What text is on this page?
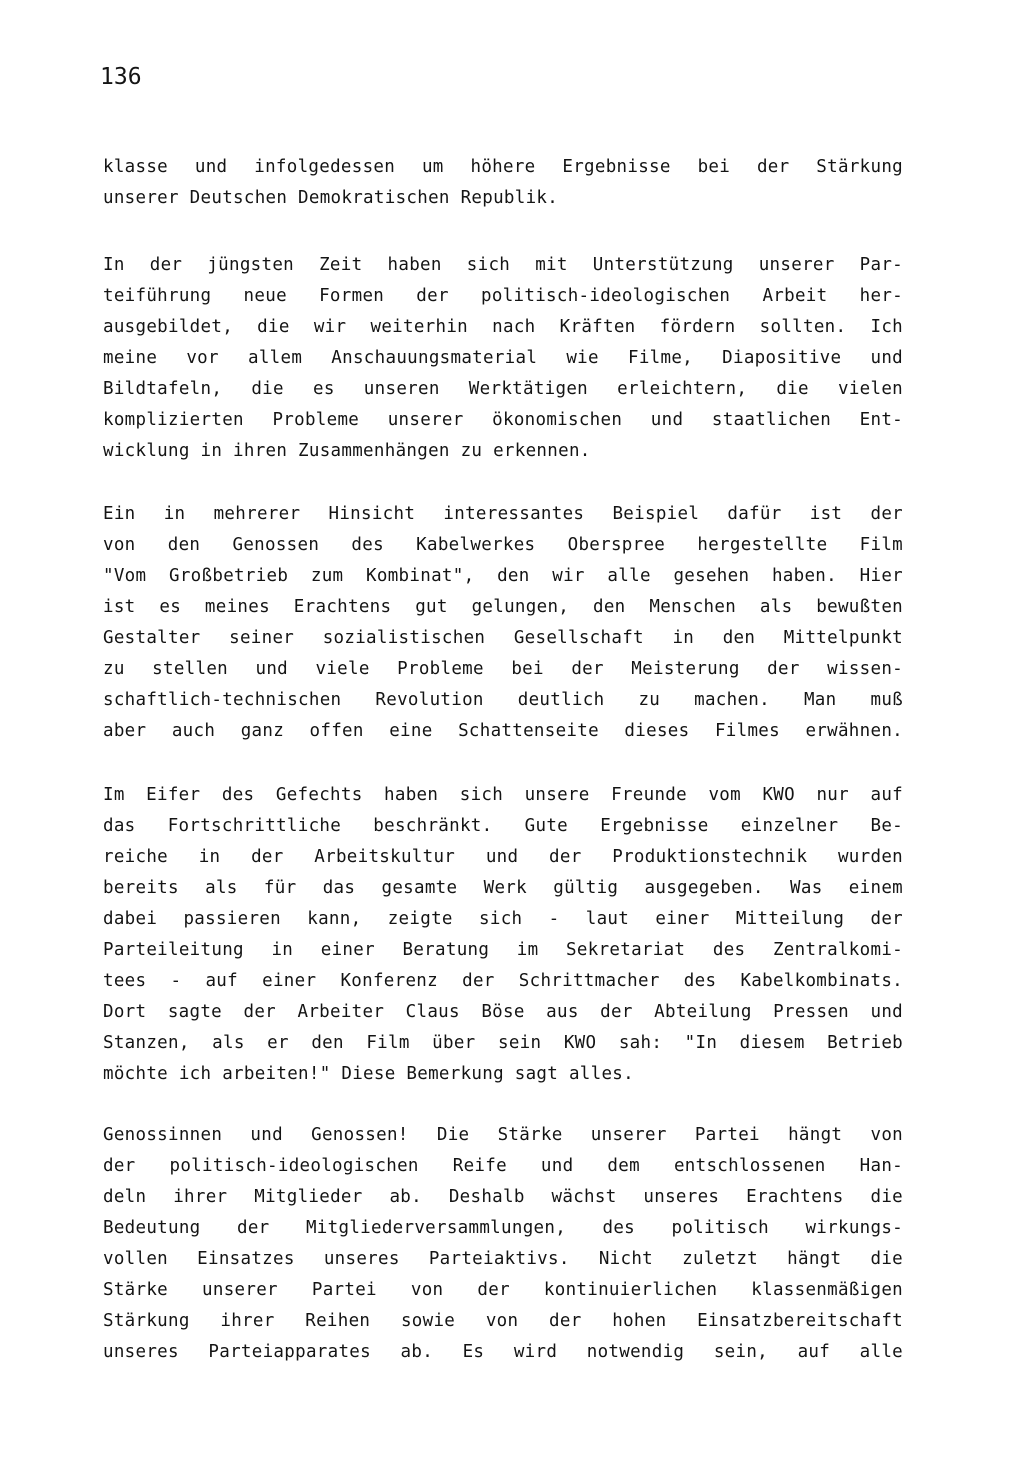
136
klasse und infolgedessen um höhere Ergebnisse bei der Stärkung
unserer Deutschen Demokratischen Republik.
In der jüngsten Zeit haben sich mit Unterstützung unserer Par-
teiführung neue Formen der politisch-ideologischen Arbeit her-
ausgebildet, die wir weiterhin nach Kräften fördern sollten. Ich
meine vor allem Anschauungsmaterial wie Filme, Diapositive und
Bildtafeln, die es unseren Werktätigen erleichtern, die vielen
komplizierten Probleme unserer ökonomischen und staatlichen Ent-
wicklung in ihren Zusammenhängen zu erkennen.
Ein in mehrerer Hinsicht interessantes Beispiel dafür ist der
von den Genossen des Kabelwerkes Oberspree hergestellte Film
"Vom Großbetrieb zum Kombinat", den wir alle gesehen haben. Hier
ist es meines Erachtens gut gelungen, den Menschen als bewußten
Gestalter seiner sozialistischen Gesellschaft in den Mittelpunkt
zu stellen und viele Probleme bei der Meisterung der wissen-
schaftlich-technischen Revolution deutlich zu machen. Man muß
aber auch ganz offen eine Schattenseite dieses Filmes erwähnen.
Im Eifer des Gefechts haben sich unsere Freunde vom KWO nur auf
das Fortschrittliche beschränkt. Gute Ergebnisse einzelner Be-
reiche in der Arbeitskultur und der Produktionstechnik wurden
bereits als für das gesamte Werk gültig ausgegeben. Was einem
dabei passieren kann, zeigte sich - laut einer Mitteilung der
Parteileitung in einer Beratung im Sekretariat des Zentralkomi-
tees - auf einer Konferenz der Schrittmacher des Kabelkombinats.
Dort sagte der Arbeiter Claus Böse aus der Abteilung Pressen und
Stanzen, als er den Film über sein KWO sah: "In diesem Betrieb
möchte ich arbeiten!" Diese Bemerkung sagt alles.
Genossinnen und Genossen! Die Stärke unserer Partei hängt von
der politisch-ideologischen Reife und dem entschlossenen Han-
deln ihrer Mitglieder ab. Deshalb wächst unseres Erachtens die
Bedeutung der Mitgliederversammlungen, des politisch wirkungs-
vollen Einsatzes unseres Parteiaktivs. Nicht zuletzt hängt die
Stärke unserer Partei von der kontinuierlichen klassenmäßigen
Stärkung ihrer Reihen sowie von der hohen Einsatzbereitschaft
unseres Parteiapparates ab. Es wird notwendig sein, auf alle
